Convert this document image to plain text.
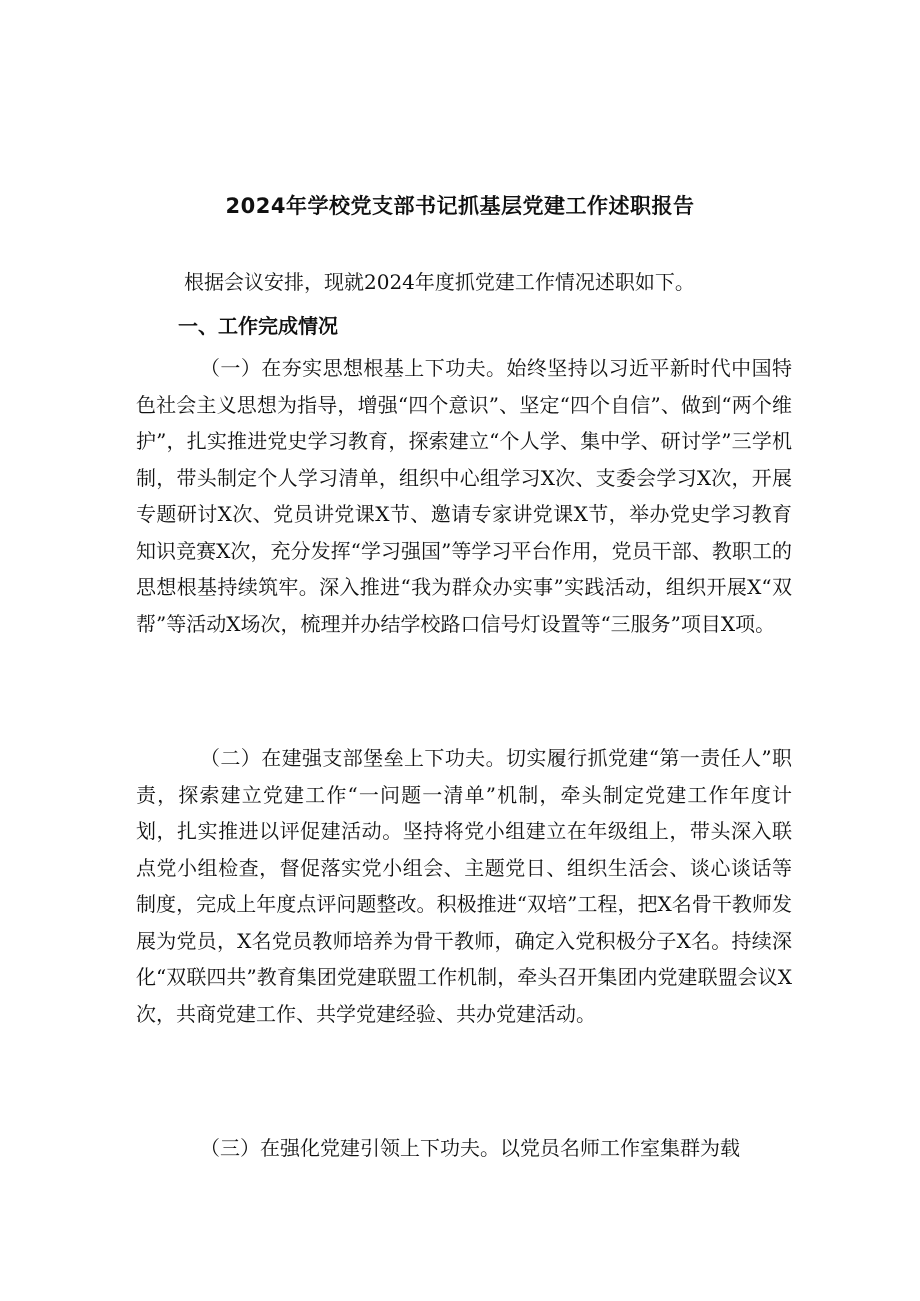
2024年学校党支部书记抓基层党建工作述职报告

根据会议安排，现就2024年度抓党建工作情况述职如下。

一、工作完成情况

（一）在夯实思想根基上下功夫。始终坚持以习近平新时代中国特色社会主义思想为指导，增强“四个意识”、坚定“四个自信”、做到“两个维护”，扎实推进党史学习教育，探索建立“个人学、集中学、研讨学”三学机制，带头制定个人学习清单，组织中心组学习X次、支委会学习X次，开展专题研讨X次、党员讲党课X节、邀请专家讲党课X节，举办党史学习教育知识竞赛X次，充分发挥“学习强国”等学习平台作用，党员干部、教职工的思想根基持续筑牢。深入推进“我为群众办实事”实践活动，组织开展X“双帮”等活动X场次，梳理并办结学校路口信号灯设置等“三服务”项目X项。

（二）在建强支部堡垒上下功夫。切实履行抓党建“第一责任人”职责，探索建立党建工作“一问题一清单”机制，牵头制定党建工作年度计划，扎实推进以评促建活动。坚持将党小组建立在年级组上，带头深入联点党小组检查，督促落实党小组会、主题党日、组织生活会、谈心谈话等制度，完成上年度点评问题整改。积极推进“双培”工程，把X名骨干教师发展为党员，X名党员教师培养为骨干教师，确定入党积极分子X名。持续深化“双联四共”教育集团党建联盟工作机制，牵头召开集团内党建联盟会议X次，共商党建工作、共学党建经验、共办党建活动。

（三）在强化党建引领上下功夫。以党员名师工作室集群为载
